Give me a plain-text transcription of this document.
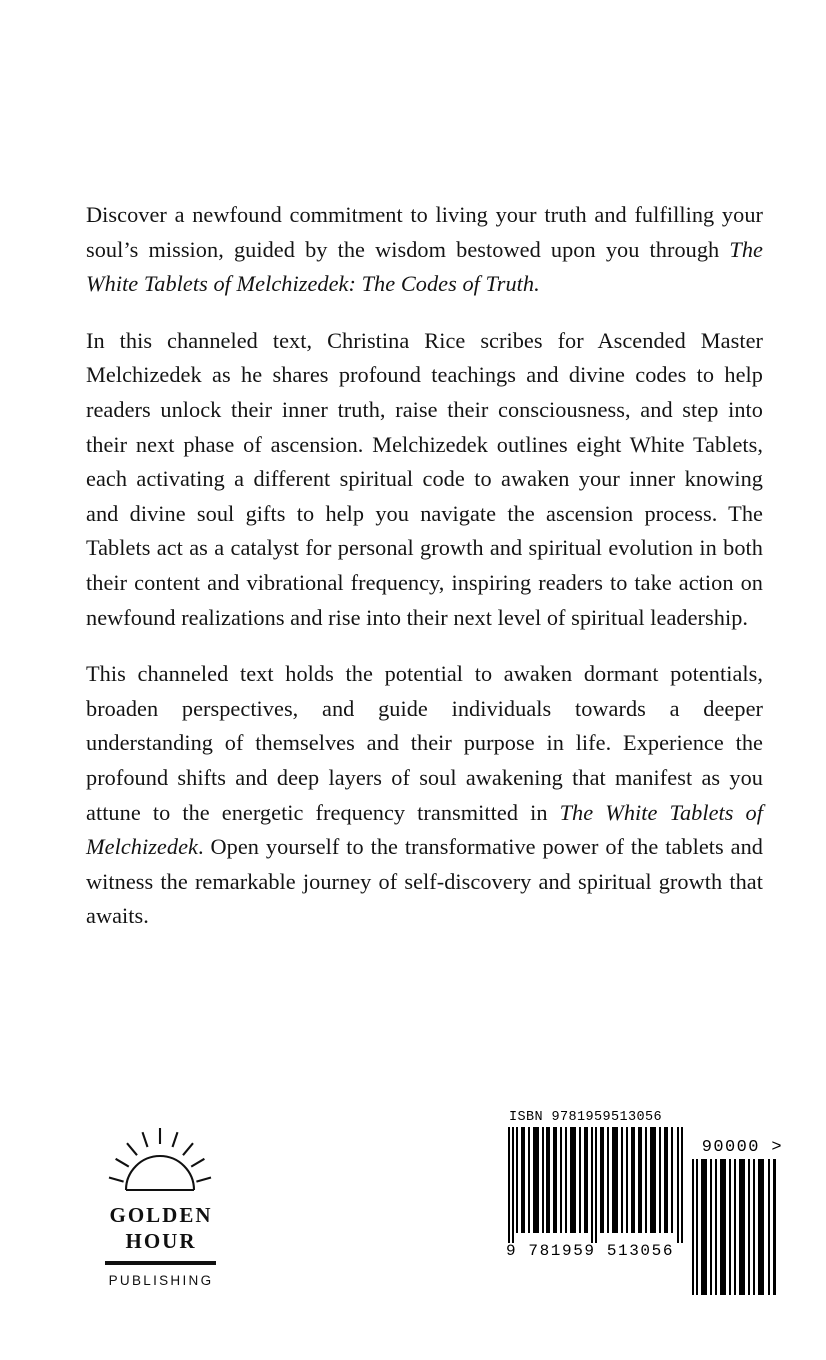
Discover a newfound commitment to living your truth and fulfilling your soul’s mission, guided by the wisdom bestowed upon you through The White Tablets of Melchizedek: The Codes of Truth.

In this channeled text, Christina Rice scribes for Ascended Master Melchizedek as he shares profound teachings and divine codes to help readers unlock their inner truth, raise their consciousness, and step into their next phase of ascension. Melchizedek outlines eight White Tablets, each activating a different spiritual code to awaken your inner knowing and divine soul gifts to help you navigate the ascension process. The Tablets act as a catalyst for personal growth and spiritual evolution in both their content and vibrational frequency, inspiring readers to take action on newfound realizations and rise into their next level of spiritual leadership.

This channeled text holds the potential to awaken dormant potentials, broaden perspectives, and guide individuals towards a deeper understanding of themselves and their purpose in life. Experience the profound shifts and deep layers of soul awakening that manifest as you attune to the energetic frequency transmitted in The White Tablets of Melchizedek. Open yourself to the transformative power of the tablets and witness the remarkable journey of self-discovery and spiritual growth that awaits.

GOLDEN
HOUR
PUBLISHING
ISBN 9781959513056
9 781959 513056
90000 >
